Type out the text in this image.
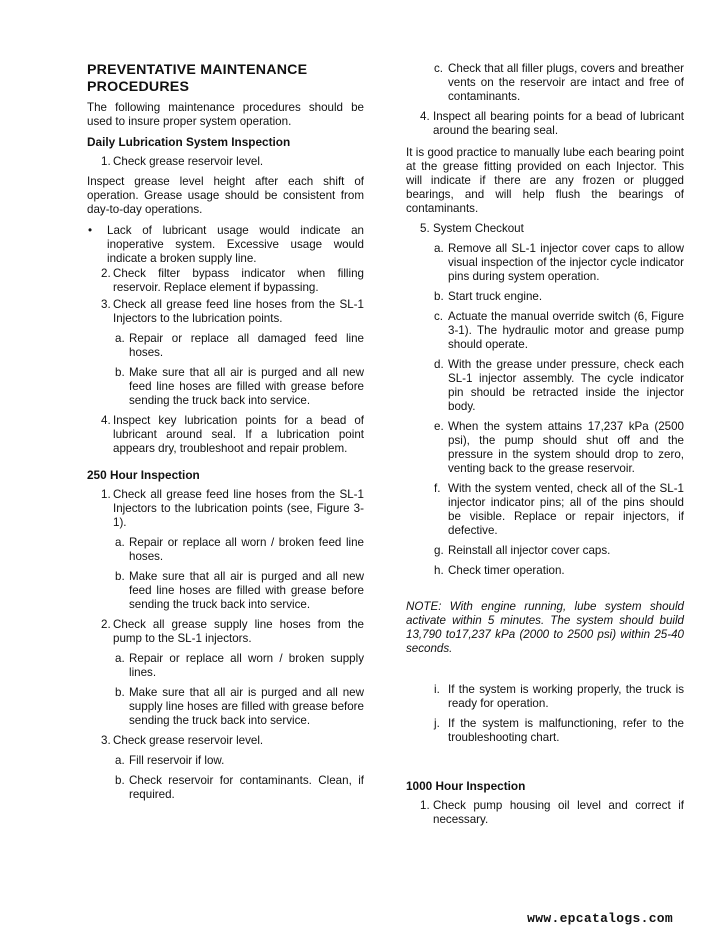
PREVENTATIVE MAINTENANCE
PROCEDURES

The following maintenance procedures should be used to insure proper system operation.

Daily Lubrication System Inspection
1. Check grease reservoir level.

Inspect grease level height after each shift of operation. Grease usage should be consistent from day-to-day operations.

•	Lack of lubricant usage would indicate an inoperative system. Excessive usage would indicate a broken supply line.
2. Check filter bypass indicator when filling reservoir. Replace element if bypassing.
3. Check all grease feed line hoses from the SL-1 Injectors to the lubrication points.
a. Repair or replace all damaged feed line hoses.
b. Make sure that all air is purged and all new feed line hoses are filled with grease before sending the truck back into service.
4. Inspect key lubrication points for a bead of lubricant around seal. If a lubrication point appears dry, troubleshoot and repair problem.
250 Hour Inspection
1. Check all grease feed line hoses from the SL-1 Injectors to the lubrication points (see, Figure 3-1).
a. Repair or replace all worn / broken feed line hoses.
b. Make sure that all air is purged and all new feed line hoses are filled with grease before sending the truck back into service.
2. Check all grease supply line hoses from the pump to the SL-1 injectors.
a. Repair or replace all worn / broken supply lines.
b. Make sure that all air is purged and all new supply line hoses are filled with grease before sending the truck back into service.
3. Check grease reservoir level.
a. Fill reservoir if low.
b. Check reservoir for contaminants. Clean, if required.
c. Check that all filler plugs, covers and breather vents on the reservoir are intact and free of contaminants.
4. Inspect all bearing points for a bead of lubricant around the bearing seal.

It is good practice to manually lube each bearing point at the grease fitting provided on each Injector. This will indicate if there are any frozen or plugged bearings, and will help flush the bearings of contaminants.

5. System Checkout
a. Remove all SL-1 injector cover caps to allow visual inspection of the injector cycle indicator pins during system operation.
b. Start truck engine.
c. Actuate the manual override switch (6, Figure 3-1). The hydraulic motor and grease pump should operate.
d. With the grease under pressure, check each SL-1 injector assembly. The cycle indicator pin should be retracted inside the injector body.
e. When the system attains 17,237 kPa (2500 psi), the pump should shut off and the pressure in the system should drop to zero, venting back to the grease reservoir.
f. With the system vented, check all of the SL-1 injector indicator pins; all of the pins should be visible. Replace or repair injectors, if defective.
g. Reinstall all injector cover caps.
h. Check timer operation.

NOTE: With engine running, lube system should activate within 5 minutes. The system should build 13,790 to17,237 kPa (2000 to 2500 psi) within 25-40 seconds.

i. If the system is working properly, the truck is ready for operation.
j. If the system is malfunctioning, refer to the troubleshooting chart.
1000 Hour Inspection
1. Check pump housing oil level and correct if necessary.
www.epcatalogs.com
